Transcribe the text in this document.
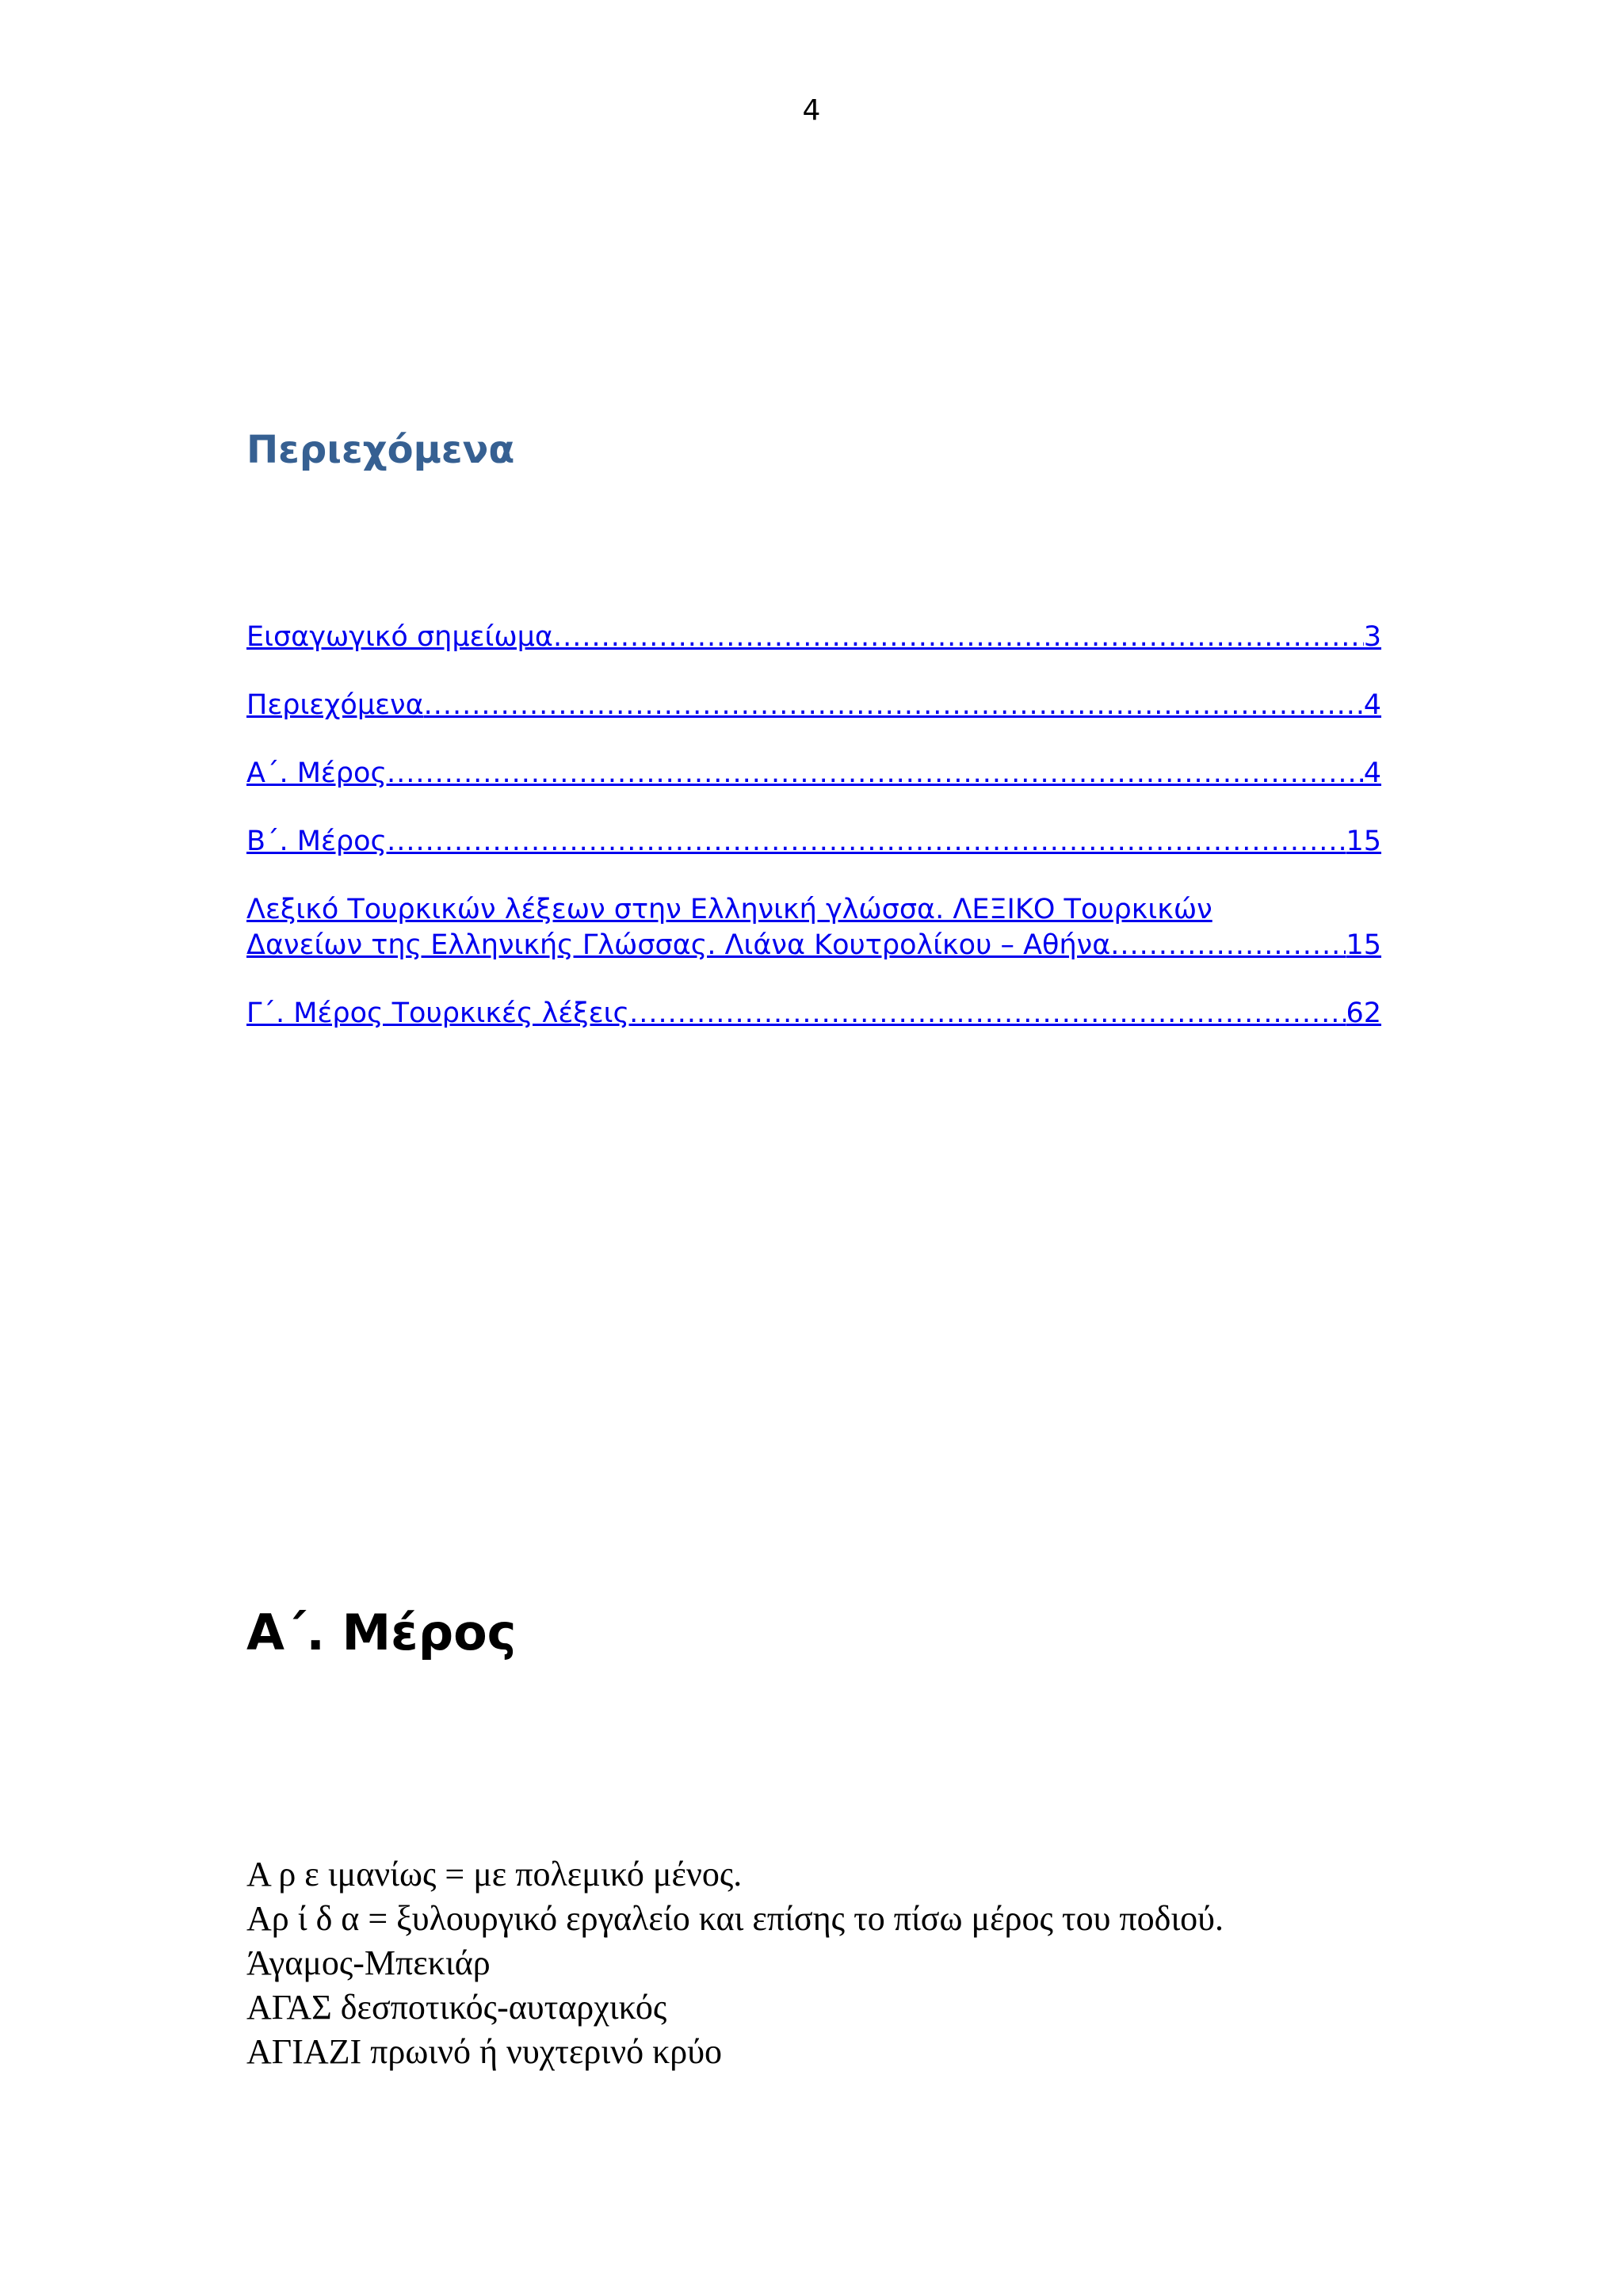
4
Περιεχόμενα
Εισαγωγικό σημείωμα .....	3
Περιεχόμενα .....	4
Α΄. Μέρος .....	4
Β΄. Μέρος .....	15
Λεξικό Τουρκικών λέξεων στην Ελληνική γλώσσα. ΛΕΞΙΚΟ Τουρκικών
Δανείων της Ελληνικής Γλώσσας. Λιάνα Κουτρολίκου – Αθήνα .....	15
Γ΄. Μέρος Τουρκικές λέξεις .....	62
Α΄. Μέρος

Α ρ ε ιμανίως = με πολεμικό μένος.

Αρ ί δ α = ξυλουργικό εργαλείο και επίσης το πίσω μέρος του ποδιού.

Άγαμος-Μπεκιάρ

ΑΓΑΣ δεσποτικός-αυταρχικός

ΑΓΙΑΖΙ πρωινό ή νυχτερινό κρύο
